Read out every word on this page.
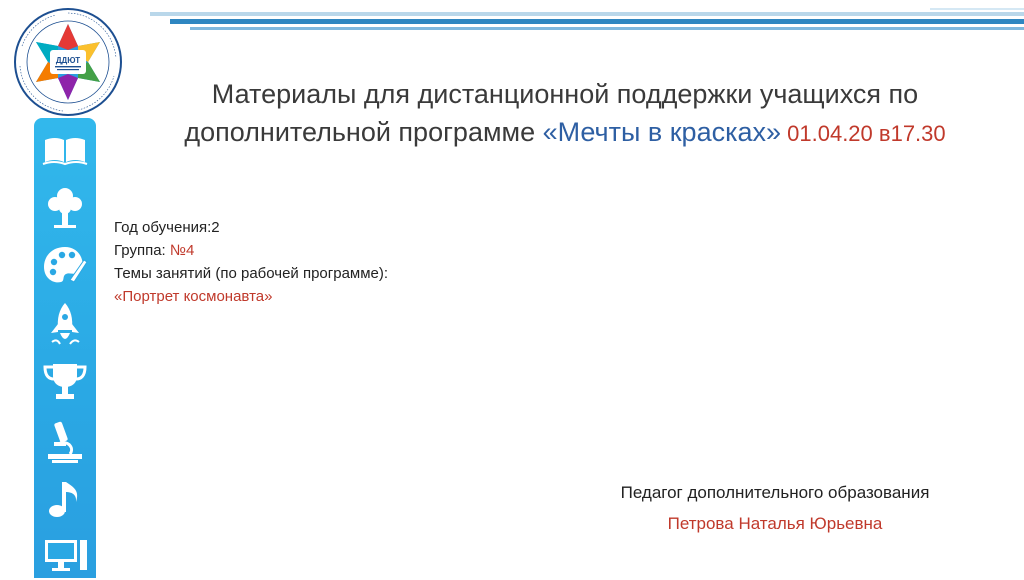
ДДЮТ
Материалы для дистанционной поддержки учащихся по
дополнительной программе «Мечты в красках» 01.04.20 в17.30
Год обучения:2
Группа: №4
Темы занятий (по рабочей программе):
«Портрет космонавта»
Педагог дополнительного образования
Петрова Наталья Юрьевна
